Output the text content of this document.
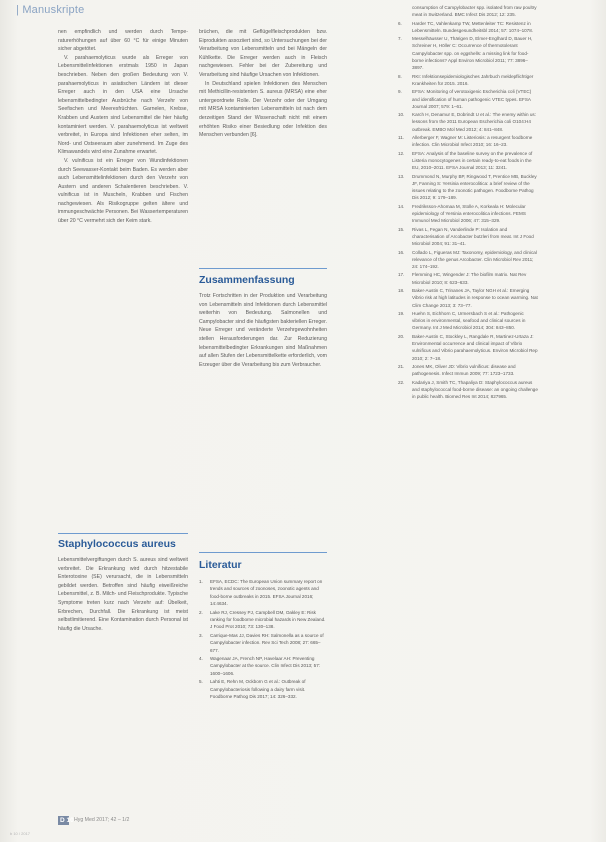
| Manuskripte

nen empfindlich und werden durch Tempe-raturerhöhungen auf über 60 °C für einige Minuten sicher abgetötet.

V. parahaemolyticus wurde als Erreger von Lebensmittelinfektionen erstmals 1950 in Japan beschrieben. Neben den großen Bedeutung von V. parahaemolyticus in asiatischen Ländern ist dieser Erreger auch in den USA eine Ursache lebensmittelbedingter Ausbrüche nach Verzehr von Seefischen und Meeresfrüchten. Garnelen, Krebse, Krabben und Austern sind Lebensmittel die hier häufig kontaminiert werden. V. parahaemolyticus ist weltweit verbreitet, in Europa sind Infektionen eher selten, im Nord- und Ostseeraum aber zunehmend. Im Zuge des Klimawandels wird eine Zunahme erwartet.

V. vulnificus ist ein Erreger von Wundinfektionen durch Seewasser-Kontakt beim Baden. Es werden aber auch Lebensmittelinfektionen durch den Verzehr von Austern und anderen Schalentieren beschrieben. V. vulnificus ist in Muscheln, Krabben und Fischen nachgewiesen. Als Risikogruppe gelten ältere und immungeschwächte Personen. Bei Wassertemperaturen über 20 °C vermehrt sich der Keim stark.

Staphylococcus aureus

Lebensmittelvergiftungen durch S. aureus sind weltweit verbreitet. Die Erkrankung wird durch hitzestabile Enterotoxine (SE) verursacht, die in Lebensmitteln gebildet werden. Betroffen sind häufig eiweißreiche Lebensmittel, z. B. Milch- und Fleischprodukte. Typische Symptome treten kurz nach Verzehr auf: Übelkeit, Erbrechen, Durchfall. Die Erkrankung ist meist selbstlimitierend. Eine Kontamination durch Personal ist häufig die Ursache.

brüchen, die mit Geflügelfleischprodukten bzw. Eiprodukten assoziiert sind, so Untersuchungen bei der Verarbeitung von Lebensmitteln und bei Mängeln der Kühlkette. Die Erreger werden auch in Fleisch nachgewiesen. Fehler bei der Zubereitung und Verarbeitung sind häufige Ursachen von Infektionen.

In Deutschland spielen Infektionen des Menschen mit Methicillin-resistenten S. aureus (MRSA) eine eher untergeordnete Rolle. Der Verzehr oder der Umgang mit MRSA kontaminierten Lebensmitteln ist nach dem derzeitigen Stand der Wissenschaft nicht mit einem erhöhten Risiko einer Besiedlung oder Infektion des Menschen verbunden [6].

Zusammenfassung

Trotz Fortschritten in der Produktion und Verarbeitung von Lebensmitteln sind Infektionen durch Lebensmittel weiterhin von Bedeutung. Salmonellen und Campylobacter sind die häufigsten bakteriellen Erreger. Neue Erreger und veränderte Verzehrgewohnheiten stellen Herausforderungen dar. Zur Reduzierung lebensmittelbedingter Erkrankungen sind Maßnahmen auf allen Stufen der Lebensmittelkette erforderlich, vom Erzeuger über die Verarbeitung bis zum Verbraucher.

Literatur
1.	EFSA, ECDC: The European Union summary report on trends and sources of zoonoses, zoonotic agents and food-borne outbreaks in 2015. EFSA Journal 2016; 14:4634.
2.	Lake RJ, Cressey PJ, Campbell DM, Oakley E: Risk ranking for foodborne microbial hazards in New Zealand. J Food Prot 2010; 73: 130–138.
3.	Carrique-Mas JJ, Davies RH: Salmonella as a source of Campylobacter infection. Rev Sci Tech 2008; 27: 665–677.
4.	Wagenaar JA, French NP, Havelaar AH: Preventing Campylobacter at the source. Clin Infect Dis 2013; 57: 1600–1606.
5.	Lahti E, Rehn M, Ockborn G et al.: Outbreak of Campylobacteriosis following a dairy farm visit. Foodborne Pathog Dis 2017; 14: 326–332.
consumption of Campylobacter spp. isolated from raw poultry meat in Switzerland. BMC Infect Dis 2012; 12: 235.
6.	Harder TC, Vahlenkamp TW, Mettenleiter TC: Resistenz in Lebensmitteln. Bundesgesundheitsbl 2014; 57: 1074–1078.
7.	Messelhäusser U, Thärigen D, Elmer-Englhard D, Bauer H, Schreiner H, Höller C: Occurrence of thermotolerant Campylobacter spp. on eggshells: a missing link for food-borne infections? Appl Environ Microbiol 2011; 77: 3896–3897.
8.	RKI: Infektionsepidemiologisches Jahrbuch meldepflichtiger Krankheiten für 2015. 2016.
9.	EFSA: Monitoring of verotoxigenic Escherichia coli (VTEC) and identification of human pathogenic VTEC types. EFSA Journal 2007; 579: 1–61.
10.	Karch H, Denamur E, Dobrindt U et al.: The enemy within us: lessons from the 2011 European Escherichia coli O104:H4 outbreak. EMBO Mol Med 2012; 4: 841–848.
11.	Allerberger F, Wagner M: Listeriosis: a resurgent foodborne infection. Clin Microbiol Infect 2010; 16: 16–23.
12.	EFSA: Analysis of the baseline survey on the prevalence of Listeria monocytogenes in certain ready-to-eat foods in the EU, 2010–2011. EFSA Journal 2013; 11: 3241.
13.	Drummond N, Murphy BP, Ringwood T, Prentice MB, Buckley JF, Fanning S: Yersinia enterocolitica: a brief review of the issues relating to the zoonotic pathogen. Foodborne Pathog Dis 2012; 9: 179–189.
14.	Fredriksson-Ahomaa M, Stolle A, Korkeala H: Molecular epidemiology of Yersinia enterocolitica infections. FEMS Immunol Med Microbiol 2006; 47: 315–329.
15.	Rivas L, Fegan N, Vanderlinde P: Isolation and characterisation of Arcobacter butzleri from meat. Int J Food Microbiol 2004; 91: 31–41.
16.	Collado L, Figueras MJ: Taxonomy, epidemiology, and clinical relevance of the genus Arcobacter. Clin Microbiol Rev 2011; 24: 174–192.
17.	Flemming HC, Wingender J: The biofilm matrix. Nat Rev Microbiol 2010; 8: 623–633.
18.	Baker-Austin C, Trinanes JA, Taylor NGH et al.: Emerging Vibrio risk at high latitudes in response to ocean warming. Nat Clim Change 2013; 3: 73–77.
19.	Huehn S, Eichhorn C, Urmersbach S et al.: Pathogenic vibrios in environmental, seafood and clinical sources in Germany. Int J Med Microbiol 2014; 304: 843–850.
20.	Baker-Austin C, Stockley L, Rangdale R, Martinez-Urtaza J: Environmental occurrence and clinical impact of Vibrio vulnificus and Vibrio parahaemolyticus. Environ Microbiol Rep 2010; 2: 7–18.
21.	Jones MK, Oliver JD: Vibrio vulnificus: disease and pathogenesis. Infect Immun 2009; 77: 1723–1733.
22.	Kadariya J, Smith TC, Thapaliya D: Staphylococcus aureus and staphylococcal food-borne disease: an ongoing challenge in public health. Biomed Res Int 2014; 827965.
D 10 Hyg Med 2017; 42 – 1/2
b 10 / 2017
